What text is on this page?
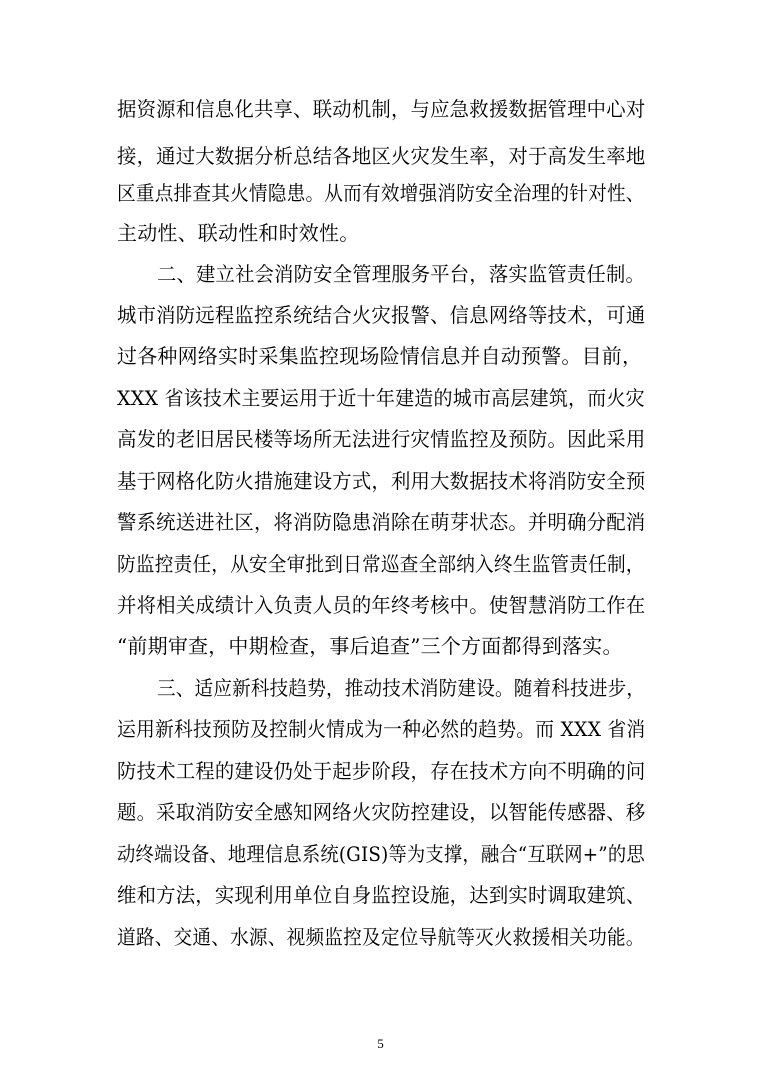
据资源和信息化共享、联动机制，与应急救援数据管理中心对
接，通过大数据分析总结各地区火灾发生率，对于高发生率地
区重点排查其火情隐患。从而有效增强消防安全治理的针对性、
主动性、联动性和时效性。
二、建立社会消防安全管理服务平台，落实监管责任制。
城市消防远程监控系统结合火灾报警、信息网络等技术，可通
过各种网络实时采集监控现场险情信息并自动预警。目前，
XXX 省该技术主要运用于近十年建造的城市高层建筑，而火灾
高发的老旧居民楼等场所无法进行灾情监控及预防。因此采用
基于网格化防火措施建设方式，利用大数据技术将消防安全预
警系统送进社区，将消防隐患消除在萌芽状态。并明确分配消
防监控责任，从安全审批到日常巡查全部纳入终生监管责任制，
并将相关成绩计入负责人员的年终考核中。使智慧消防工作在
“前期审查，中期检查，事后追查”三个方面都得到落实。
三、适应新科技趋势，推动技术消防建设。随着科技进步，
运用新科技预防及控制火情成为一种必然的趋势。而 XXX 省消
防技术工程的建设仍处于起步阶段，存在技术方向不明确的问
题。采取消防安全感知网络火灾防控建设，以智能传感器、移
动终端设备、地理信息系统(GIS)等为支撑，融合“互联网+”的思
维和方法，实现利用单位自身监控设施，达到实时调取建筑、
道路、交通、水源、视频监控及定位导航等灭火救援相关功能。
5
